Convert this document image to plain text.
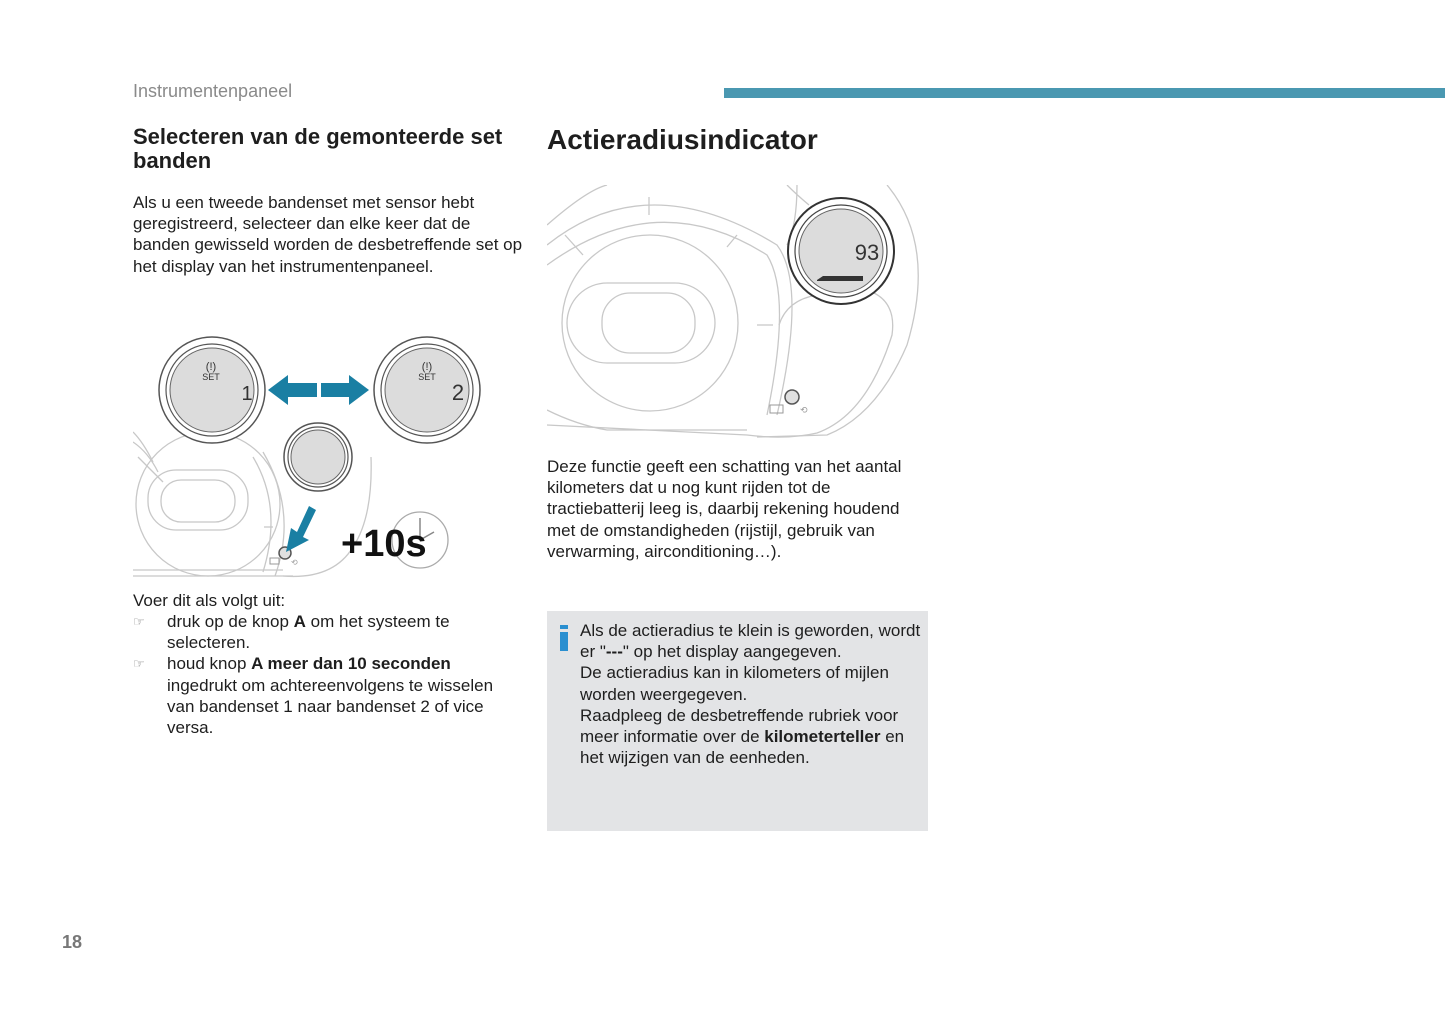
Instrumentenpaneel
Selecteren van de gemonteerde set banden

Als u een tweede bandenset met sensor hebt geregistreerd, selecteer dan elke keer dat de banden gewisseld worden de desbetreffende set op het display van het instrumentenpaneel.

⟲
(!)
SET
1
(!)
SET
2
+10s

Voer dit als volgt uit:

☞ druk op de knop A om het systeem te selecteren.
☞ houd knop A meer dan 10 seconden ingedrukt om achtereenvolgens te wisselen van bandenset 1 naar bandenset 2 of vice versa.
Actieradiusindicator
⟲
93

Deze functie geeft een schatting van het aantal kilometers dat u nog kunt rijden tot de tractiebatterij leeg is, daarbij rekening houdend met de omstandigheden (rijstijl, gebruik van verwarming, airconditioning…).

Als de actieradius te klein is geworden, wordt er "---" op het display aangegeven.
De actieradius kan in kilometers of mijlen worden weergegeven.
Raadpleeg de desbetreffende rubriek voor meer informatie over de kilometerteller en het wijzigen van de eenheden.
18
